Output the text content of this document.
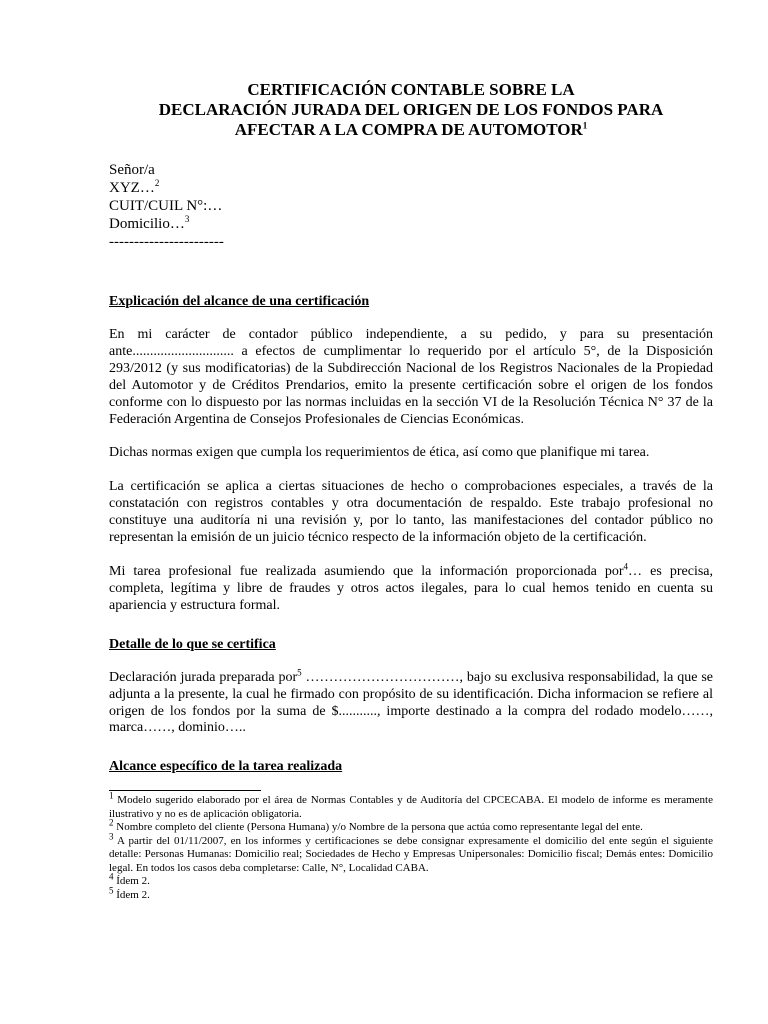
CERTIFICACIÓN CONTABLE SOBRE LA
DECLARACIÓN JURADA DEL ORIGEN DE LOS FONDOS PARA
AFECTAR A LA COMPRA DE AUTOMOTOR$^1$
Señor/a
XYZ…$^2$
CUIT/CUIL N°:…
Domicilio…$^3$
-----------------------
Explicación del alcance de una certificación
En mi carácter de contador público independiente, a su pedido, y para su presentación ante............................. a efectos de cumplimentar lo requerido por el artículo 5°, de la Disposición 293/2012 (y sus modificatorias) de la Subdirección Nacional de los Registros Nacionales de la Propiedad del Automotor y de Créditos Prendarios, emito la presente certificación sobre el origen de los fondos conforme con lo dispuesto por las normas incluidas en la sección VI de la Resolución Técnica N° 37 de la Federación Argentina de Consejos Profesionales de Ciencias Económicas.
Dichas normas exigen que cumpla los requerimientos de ética, así como que planifique mi tarea.
La certificación se aplica a ciertas situaciones de hecho o comprobaciones especiales, a través de la constatación con registros contables y otra documentación de respaldo. Este trabajo profesional no constituye una auditoría ni una revisión y, por lo tanto, las manifestaciones del contador público no representan la emisión de un juicio técnico respecto de la información objeto de la certificación.
Mi tarea profesional fue realizada asumiendo que la información proporcionada por$^4$… es precisa, completa, legítima y libre de fraudes y otros actos ilegales, para lo cual hemos tenido en cuenta su apariencia y estructura formal.
Detalle de lo que se certifica
Declaración jurada preparada por$^5$ ……………………………, bajo su exclusiva responsabilidad, la que se adjunta a la presente, la cual he firmado con propósito de su identificación. Dicha informacion se refiere al origen de los fondos por la suma de $..........., importe destinado a la compra del rodado modelo……, marca……, dominio…..
Alcance específico de la tarea realizada

$^1$ Modelo sugerido elaborado por el área de Normas Contables y de Auditoría del CPCECABA. El modelo de informe es meramente ilustrativo y no es de aplicación obligatoria.

$^2$ Nombre completo del cliente (Persona Humana) y/o Nombre de la persona que actúa como representante legal del ente.

$^3$ A partir del 01/11/2007, en los informes y certificaciones se debe consignar expresamente el domicilio del ente según el siguiente detalle: Personas Humanas: Domicilio real; Sociedades de Hecho y Empresas Unipersonales: Domicilio fiscal; Demás entes: Domicilio legal. En todos los casos deba completarse: Calle, N°, Localidad CABA.

$^4$ Ídem 2.

$^5$ Ídem 2.
